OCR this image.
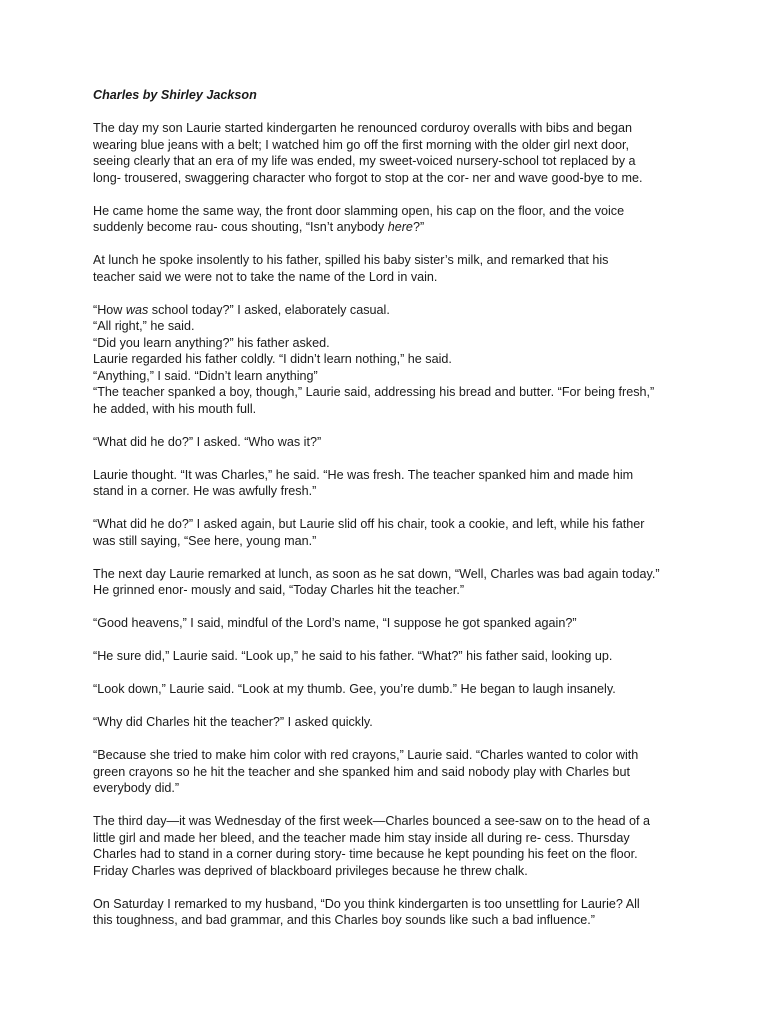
Charles by Shirley Jackson
The day my son Laurie started kindergarten he renounced corduroy overalls with bibs and began
wearing blue jeans with a belt; I watched him go off the first morning with the older girl next door,
seeing clearly that an era of my life was ended, my sweet-voiced nursery-school tot replaced by a
long- trousered, swaggering character who forgot to stop at the cor- ner and wave good-bye to me.
He came home the same way, the front door slamming open, his cap on the floor, and the voice
suddenly become rau- cous shouting, “Isn’t anybody here?”
At lunch he spoke insolently to his father, spilled his baby sister’s milk, and remarked that his
teacher said we were not to take the name of the Lord in vain.
“How was school today?” I asked, elaborately casual.
“All right,” he said.
“Did you learn anything?” his father asked.
Laurie regarded his father coldly. “I didn’t learn nothing,” he said.
“Anything,” I said. “Didn’t learn anything”
“The teacher spanked a boy, though,” Laurie said, addressing his bread and butter. “For being fresh,”
he added, with his mouth full.
“What did he do?” I asked. “Who was it?”
Laurie thought. “It was Charles,” he said. “He was fresh. The teacher spanked him and made him
stand in a corner. He was awfully fresh.”
“What did he do?” I asked again, but Laurie slid off his chair, took a cookie, and left, while his father
was still saying, “See here, young man.”
The next day Laurie remarked at lunch, as soon as he sat down, “Well, Charles was bad again today.”
He grinned enor- mously and said, “Today Charles hit the teacher.”
“Good heavens,” I said, mindful of the Lord’s name, “I suppose he got spanked again?”
“He sure did,” Laurie said. “Look up,” he said to his father. “What?” his father said, looking up.
“Look down,” Laurie said. “Look at my thumb. Gee, you’re dumb.” He began to laugh insanely.
“Why did Charles hit the teacher?” I asked quickly.
“Because she tried to make him color with red crayons,” Laurie said. “Charles wanted to color with
green crayons so he hit the teacher and she spanked him and said nobody play with Charles but
everybody did.”
The third day—it was Wednesday of the first week—Charles bounced a see-saw on to the head of a
little girl and made her bleed, and the teacher made him stay inside all during re- cess. Thursday
Charles had to stand in a corner during story- time because he kept pounding his feet on the floor.
Friday Charles was deprived of blackboard privileges because he threw chalk.
On Saturday I remarked to my husband, “Do you think kindergarten is too unsettling for Laurie? All
this toughness, and bad grammar, and this Charles boy sounds like such a bad influence.”
